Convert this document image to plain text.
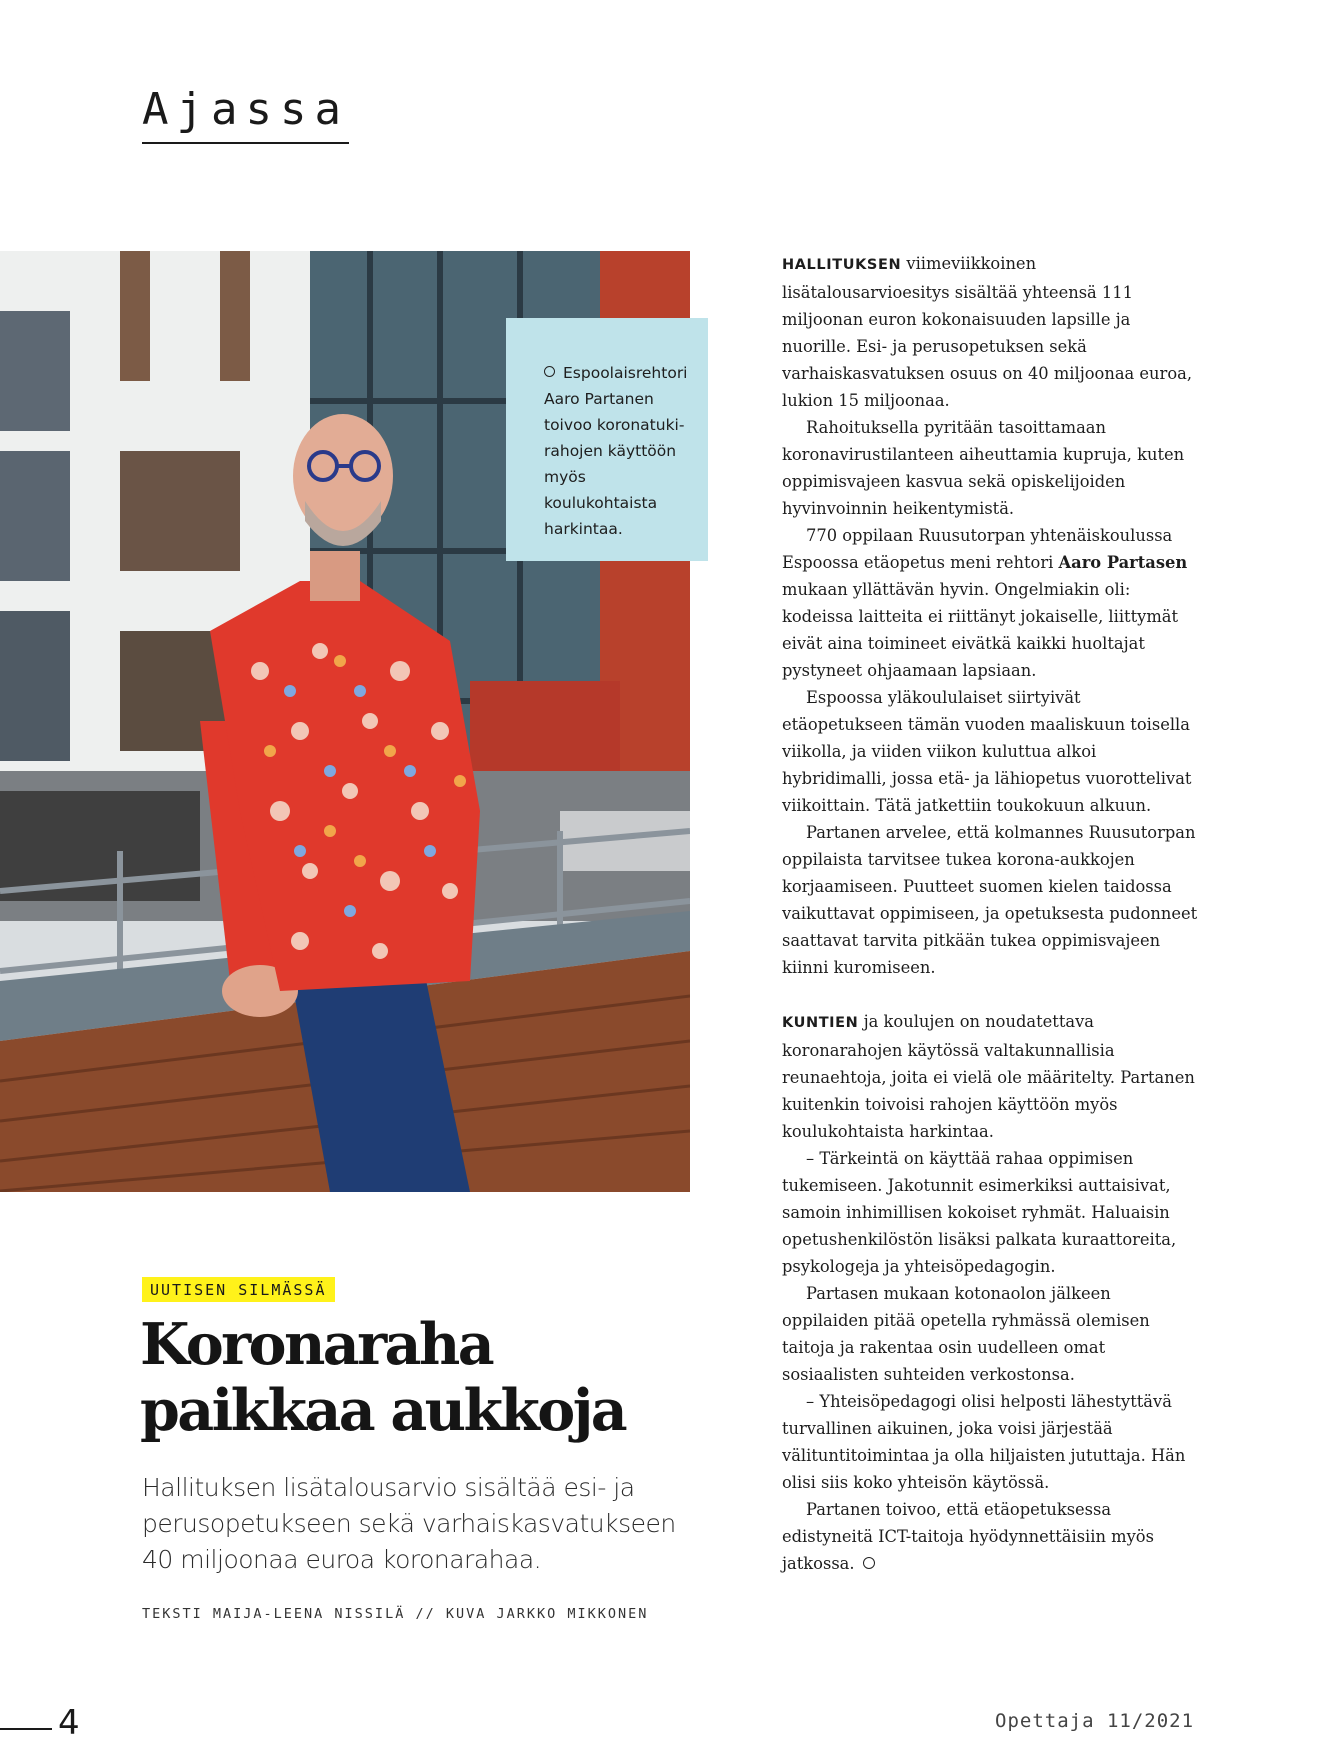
Ajassa
Espoolaisrehtori
Aaro Partanen
toivoo koronatuki-
rahojen käyttöön
myös koulukohtaista
harkintaa.
UUTISEN SILMÄSSÄ
Koronaraha
paikkaa aukkoja
Hallituksen lisätalousarvio sisältää esi- ja
perusopetukseen sekä varhaiskasvatukseen
40 miljoonaa euroa koronarahaa.
TEKSTI MAIJA-LEENA NISSILÄ // KUVA JARKKO MIKKONEN

HALLITUKSEN viimeviikkoinen lisätalousarvioesitys sisältää yhteensä 111 miljoonan euron kokonaisuuden lapsille ja nuorille. Esi- ja perusopetuksen sekä varhaiskasvatuksen osuus on 40 miljoonaa euroa, lukion 15 miljoonaa.

Rahoituksella pyritään tasoittamaan koronavirustilanteen aiheuttamia kupruja, kuten oppimisvajeen kasvua sekä opiskelijoiden hyvinvoinnin heikentymistä.

770 oppilaan Ruusutorpan yhtenäiskoulussa Espoossa etäopetus meni rehtori Aaro Partasen mukaan yllättävän hyvin. Ongelmiakin oli: kodeissa laitteita ei riittänyt jokaiselle, liittymät eivät aina toimineet eivätkä kaikki huoltajat pystyneet ohjaamaan lapsiaan.

Espoossa yläkoululaiset siirtyivät etäopetukseen tämän vuoden maaliskuun toisella viikolla, ja viiden viikon kuluttua alkoi hybridimalli, jossa etä- ja lähiopetus vuorottelivat viikoittain. Tätä jatkettiin toukokuun alkuun.

Partanen arvelee, että kolmannes Ruusutorpan oppilaista tarvitsee tukea korona-aukkojen korjaamiseen. Puutteet suomen kielen taidossa vaikuttavat oppimiseen, ja opetuksesta pudonneet saattavat tarvita pitkään tukea oppimisvajeen kiinni kuromiseen.

KUNTIEN ja koulujen on noudatettava koronarahojen käytössä valtakunnallisia reunaehtoja, joita ei vielä ole määritelty. Partanen kuitenkin toivoisi rahojen käyttöön myös koulukohtaista harkintaa.

– Tärkeintä on käyttää rahaa oppimisen tukemiseen. Jakotunnit esimerkiksi auttaisivat, samoin inhimillisen kokoiset ryhmät. Haluaisin opetushenkilöstön lisäksi palkata kuraattoreita, psykologeja ja yhteisöpedagogin.

Partasen mukaan kotonaolon jälkeen oppilaiden pitää opetella ryhmässä olemisen taitoja ja rakentaa osin uudelleen omat sosiaalisten suhteiden verkostonsa.

– Yhteisöpedagogi olisi helposti lähestyttävä turvallinen aikuinen, joka voisi järjestää välituntitoimintaa ja olla hiljaisten jututtaja. Hän olisi siis koko yhteisön käytössä.

Partanen toivoo, että etäopetuksessa edistyneitä ICT-taitoja hyödynnettäisiin myös jatkossa.

4	Opettaja 11/2021
